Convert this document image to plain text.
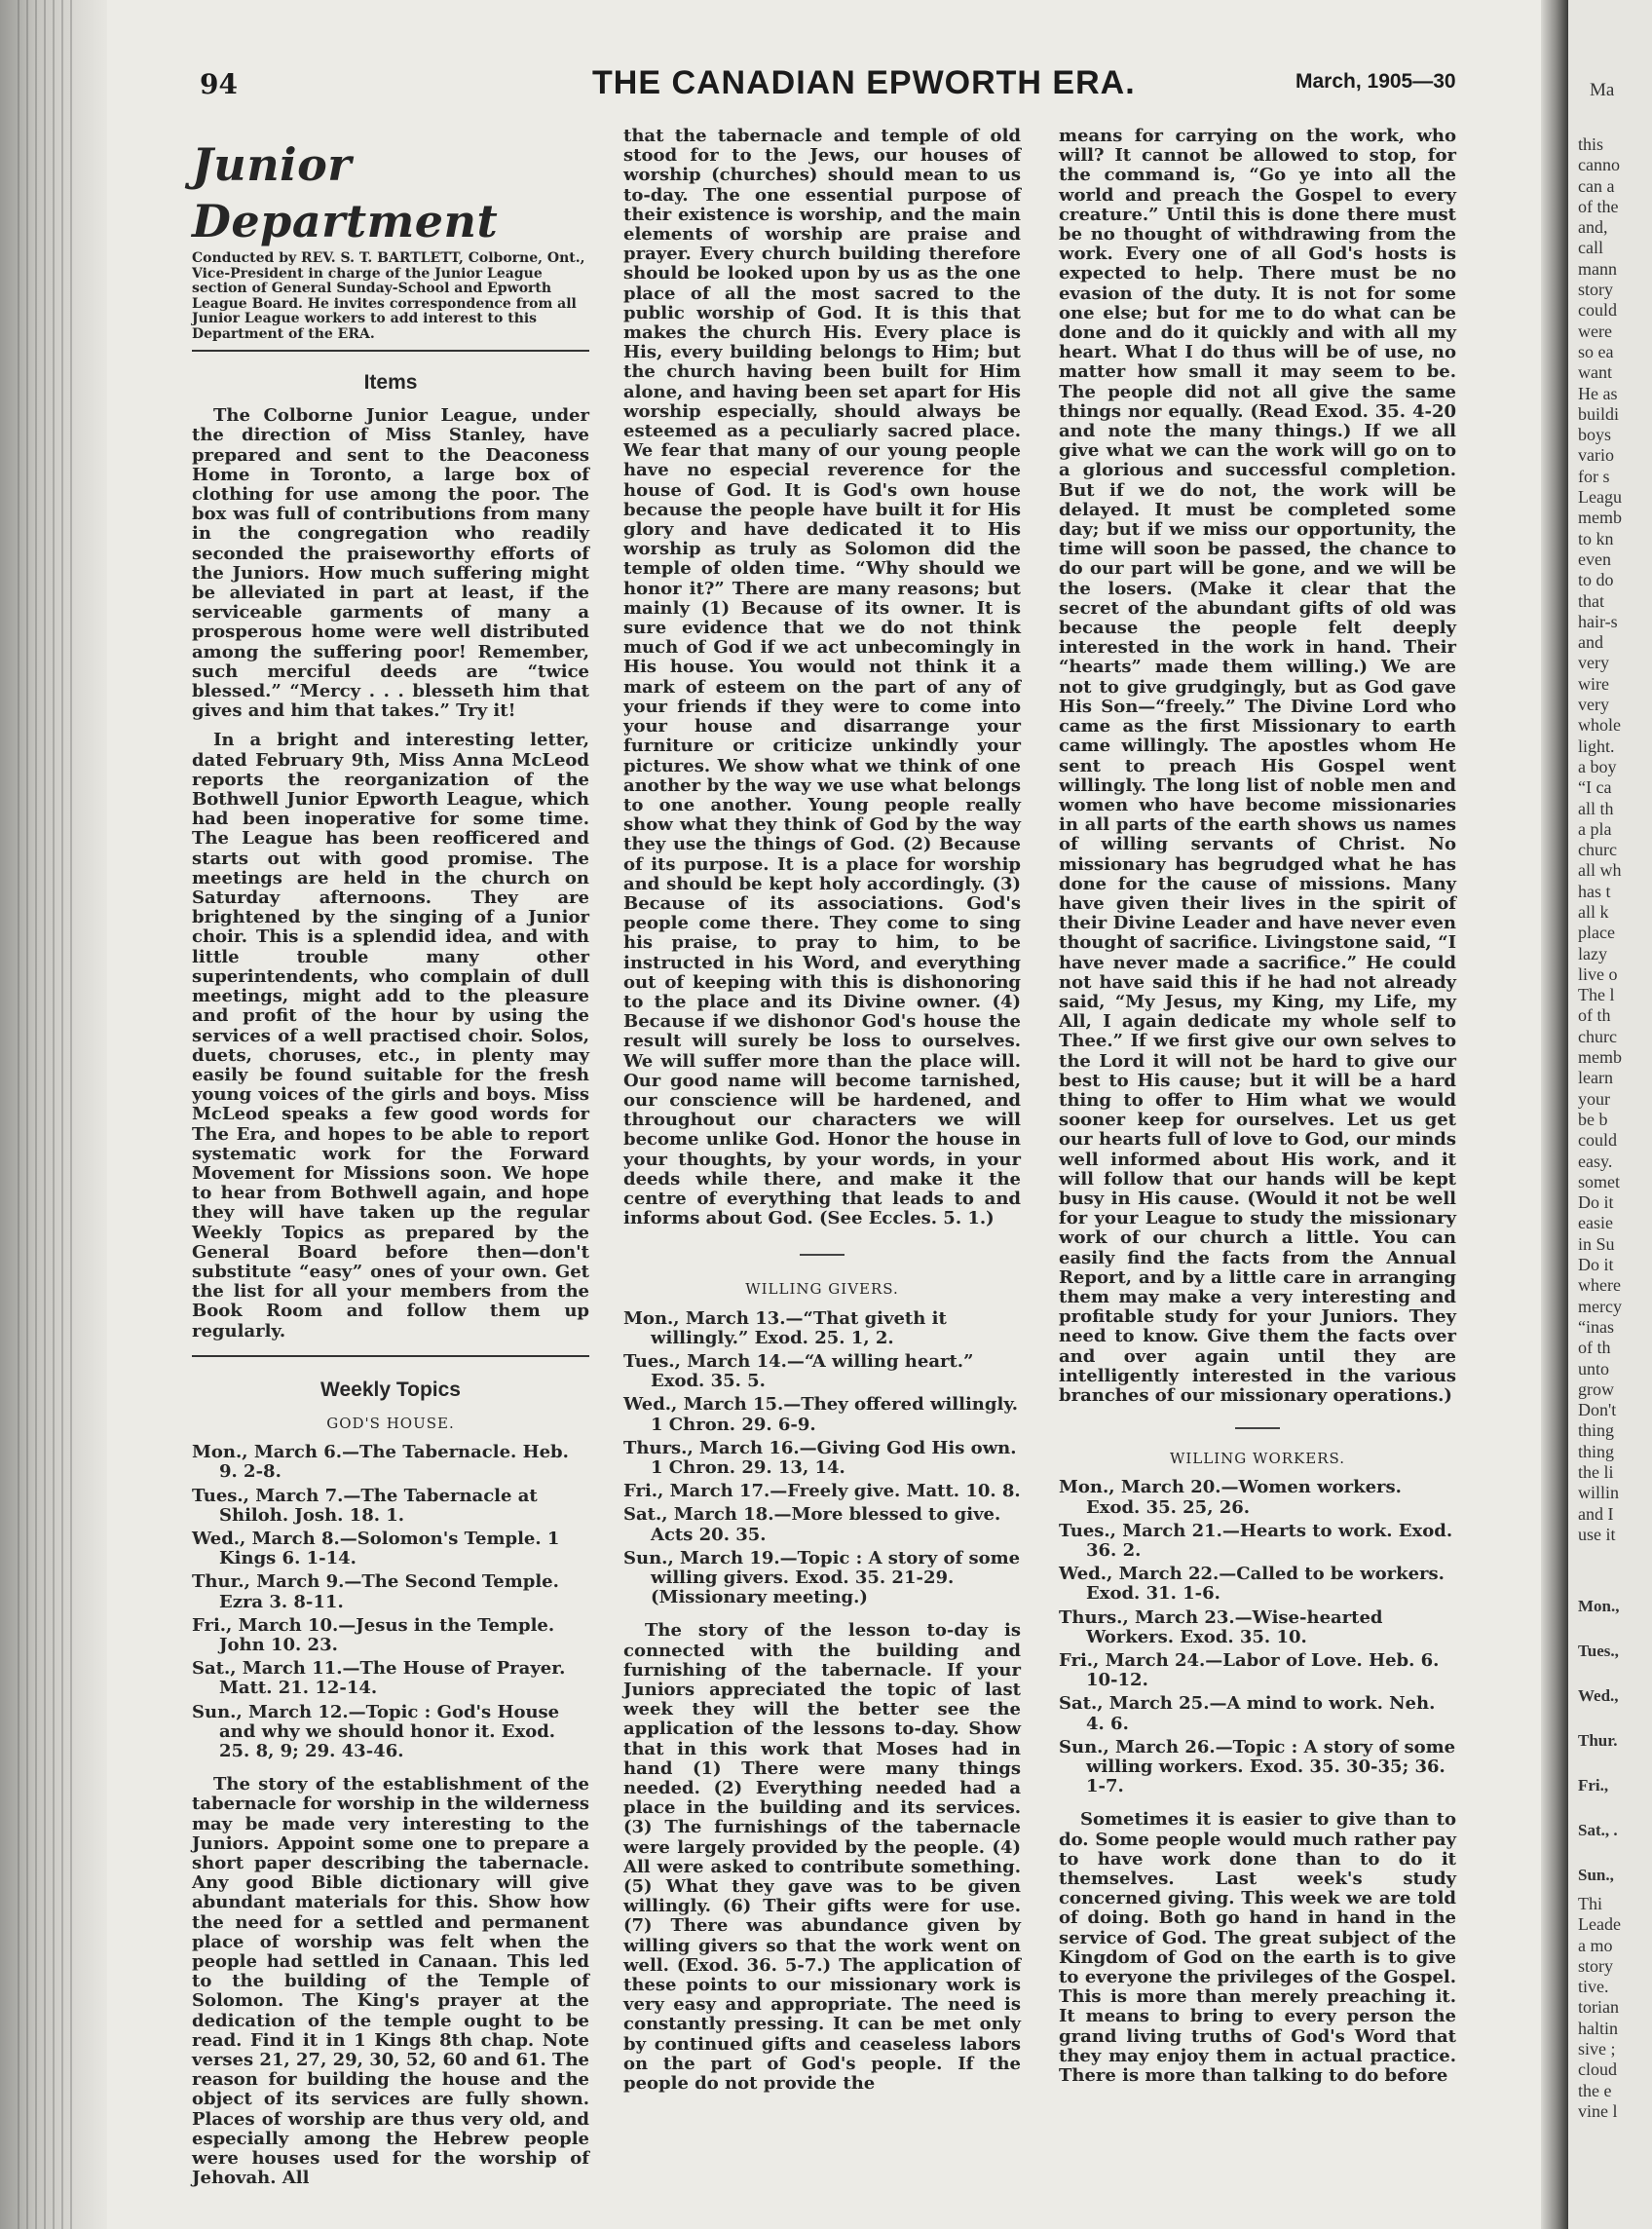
94	THE CANADIAN EPWORTH ERA.	March, 1905—30
Junior Department
Conducted by REV. S. T. BARTLETT, Colborne, Ont., Vice-President in charge of the Junior League section of General Sunday-School and Epworth League Board. He invites correspondence from all Junior League workers to add interest to this Department of the ERA.
Items

The Colborne Junior League, under the direction of Miss Stanley, have prepared and sent to the Deaconess Home in Toronto, a large box of clothing for use among the poor. The box was full of contributions from many in the congregation who readily seconded the praiseworthy efforts of the Juniors. How much suffering might be alleviated in part at least, if the serviceable garments of many a prosperous home were well distributed among the suffering poor! Remember, such merciful deeds are “twice blessed.” “Mercy . . . blesseth him that gives and him that takes.” Try it!

In a bright and interesting letter, dated February 9th, Miss Anna McLeod reports the reorganization of the Bothwell Junior Epworth League, which had been inoperative for some time. The League has been reofficered and starts out with good promise. The meetings are held in the church on Saturday afternoons. They are brightened by the singing of a Junior choir. This is a splendid idea, and with little trouble many other superintendents, who complain of dull meetings, might add to the pleasure and profit of the hour by using the services of a well practised choir. Solos, duets, choruses, etc., in plenty may easily be found suitable for the fresh young voices of the girls and boys. Miss McLeod speaks a few good words for The Era, and hopes to be able to report systematic work for the Forward Movement for Missions soon. We hope to hear from Bothwell again, and hope they will have taken up the regular Weekly Topics as prepared by the General Board before then—don't substitute “easy” ones of your own. Get the list for all your members from the Book Room and follow them up regularly.

Weekly Topics
GOD'S HOUSE.
Mon., March 6.—The Tabernacle. Heb. 9. 2-8.
Tues., March 7.—The Tabernacle at Shiloh. Josh. 18. 1.
Wed., March 8.—Solomon's Temple. 1 Kings 6. 1-14.
Thur., March 9.—The Second Temple. Ezra 3. 8-11.
Fri., March 10.—Jesus in the Temple. John 10. 23.
Sat., March 11.—The House of Prayer. Matt. 21. 12-14.
Sun., March 12.—Topic : God's House and why we should honor it. Exod. 25. 8, 9; 29. 43-46.

The story of the establishment of the tabernacle for worship in the wilderness may be made very interesting to the Juniors. Appoint some one to prepare a short paper describing the tabernacle. Any good Bible dictionary will give abundant materials for this. Show how the need for a settled and permanent place of worship was felt when the people had settled in Canaan. This led to the building of the Temple of Solomon. The King's prayer at the dedication of the temple ought to be read. Find it in 1 Kings 8th chap. Note verses 21, 27, 29, 30, 52, 60 and 61. The reason for building the house and the object of its services are fully shown. Places of worship are thus very old, and especially among the Hebrew people were houses used for the worship of Jehovah. All

that the tabernacle and temple of old stood for to the Jews, our houses of worship (churches) should mean to us to-day. The one essential purpose of their existence is worship, and the main elements of worship are praise and prayer. Every church building therefore should be looked upon by us as the one place of all the most sacred to the public worship of God. It is this that makes the church His. Every place is His, every building belongs to Him; but the church having been built for Him alone, and having been set apart for His worship especially, should always be esteemed as a peculiarly sacred place. We fear that many of our young people have no especial reverence for the house of God. It is God's own house because the people have built it for His glory and have dedicated it to His worship as truly as Solomon did the temple of olden time. “Why should we honor it?” There are many reasons; but mainly (1) Because of its owner. It is sure evidence that we do not think much of God if we act unbecomingly in His house. You would not think it a mark of esteem on the part of any of your friends if they were to come into your house and disarrange your furniture or criticize unkindly your pictures. We show what we think of one another by the way we use what belongs to one another. Young people really show what they think of God by the way they use the things of God. (2) Because of its purpose. It is a place for worship and should be kept holy accordingly. (3) Because of its associations. God's people come there. They come to sing his praise, to pray to him, to be instructed in his Word, and everything out of keeping with this is dishonoring to the place and its Divine owner. (4) Because if we dishonor God's house the result will surely be loss to ourselves. We will suffer more than the place will. Our good name will become tarnished, our conscience will be hardened, and throughout our characters we will become unlike God. Honor the house in your thoughts, by your words, in your deeds while there, and make it the centre of everything that leads to and informs about God. (See Eccles. 5. 1.)

WILLING GIVERS.
Mon., March 13.—“That giveth it willingly.” Exod. 25. 1, 2.
Tues., March 14.—“A willing heart.” Exod. 35. 5.
Wed., March 15.—They offered willingly. 1 Chron. 29. 6-9.
Thurs., March 16.—Giving God His own. 1 Chron. 29. 13, 14.
Fri., March 17.—Freely give. Matt. 10. 8.
Sat., March 18.—More blessed to give. Acts 20. 35.
Sun., March 19.—Topic : A story of some willing givers. Exod. 35. 21-29. (Missionary meeting.)

The story of the lesson to-day is connected with the building and furnishing of the tabernacle. If your Juniors appreciated the topic of last week they will the better see the application of the lessons to-day. Show that in this work that Moses had in hand (1) There were many things needed. (2) Everything needed had a place in the building and its services. (3) The furnishings of the tabernacle were largely provided by the people. (4) All were asked to contribute something. (5) What they gave was to be given willingly. (6) Their gifts were for use. (7) There was abundance given by willing givers so that the work went on well. (Exod. 36. 5-7.) The application of these points to our missionary work is very easy and appropriate. The need is constantly pressing. It can be met only by continued gifts and ceaseless labors on the part of God's people. If the people do not provide the

means for carrying on the work, who will? It cannot be allowed to stop, for the command is, “Go ye into all the world and preach the Gospel to every creature.” Until this is done there must be no thought of withdrawing from the work. Every one of all God's hosts is expected to help. There must be no evasion of the duty. It is not for some one else; but for me to do what can be done and do it quickly and with all my heart. What I do thus will be of use, no matter how small it may seem to be. The people did not all give the same things nor equally. (Read Exod. 35. 4-20 and note the many things.) If we all give what we can the work will go on to a glorious and successful completion. But if we do not, the work will be delayed. It must be completed some day; but if we miss our opportunity, the time will soon be passed, the chance to do our part will be gone, and we will be the losers. (Make it clear that the secret of the abundant gifts of old was because the people felt deeply interested in the work in hand. Their “hearts” made them willing.) We are not to give grudgingly, but as God gave His Son—“freely.” The Divine Lord who came as the first Missionary to earth came willingly. The apostles whom He sent to preach His Gospel went willingly. The long list of noble men and women who have become missionaries in all parts of the earth shows us names of willing servants of Christ. No missionary has begrudged what he has done for the cause of missions. Many have given their lives in the spirit of their Divine Leader and have never even thought of sacrifice. Livingstone said, “I have never made a sacrifice.” He could not have said this if he had not already said, “My Jesus, my King, my Life, my All, I again dedicate my whole self to Thee.” If we first give our own selves to the Lord it will not be hard to give our best to His cause; but it will be a hard thing to offer to Him what we would sooner keep for ourselves. Let us get our hearts full of love to God, our minds well informed about His work, and it will follow that our hands will be kept busy in His cause. (Would it not be well for your League to study the missionary work of our church a little. You can easily find the facts from the Annual Report, and by a little care in arranging them may make a very interesting and profitable study for your Juniors. They need to know. Give them the facts over and over again until they are intelligently interested in the various branches of our missionary operations.)

WILLING WORKERS.
Mon., March 20.—Women workers. Exod. 35. 25, 26.
Tues., March 21.—Hearts to work. Exod. 36. 2.
Wed., March 22.—Called to be workers. Exod. 31. 1-6.
Thurs., March 23.—Wise-hearted Workers. Exod. 35. 10.
Fri., March 24.—Labor of Love. Heb. 6. 10-12.
Sat., March 25.—A mind to work. Neh. 4. 6.
Sun., March 26.—Topic : A story of some willing workers. Exod. 35. 30-35; 36. 1-7.

Sometimes it is easier to give than to do. Some people would much rather pay to have work done than to do it themselves. Last week's study concerned giving. This week we are told of doing. Both go hand in hand in the service of God. The great subject of the Kingdom of God on the earth is to give to everyone the privileges of the Gospel. This is more than merely preaching it. It means to bring to every person the grand living truths of God's Word that they may enjoy them in actual practice. There is more than talking to do before

Ma
this
canno
can a
of the
and,
call
mann
story
could
were
so ea
want
He as
buildi
boys
vario
for s
Leagu
memb
to kn
even
to do
that
hair-s
and
very
wire
very
whole
light.
a boy
“I ca
all th
a pla
churc
all wh
has t
all k
place
lazy
live o
The l
of th
churc
memb
learn
your
be b
could
easy.
somet
Do it
easie
in Su
Do it
where
mercy
“inas
of th
unto
grow
Don't
thing
thing
the li
willin
and I
use it
Mon.,
Tues.,
Wed.,
Thur.
Fri.,
Sat., .
Sun.,
Thi
Leade
a mo
story
tive.
torian
haltin
sive ;
cloud
the e
vine l
